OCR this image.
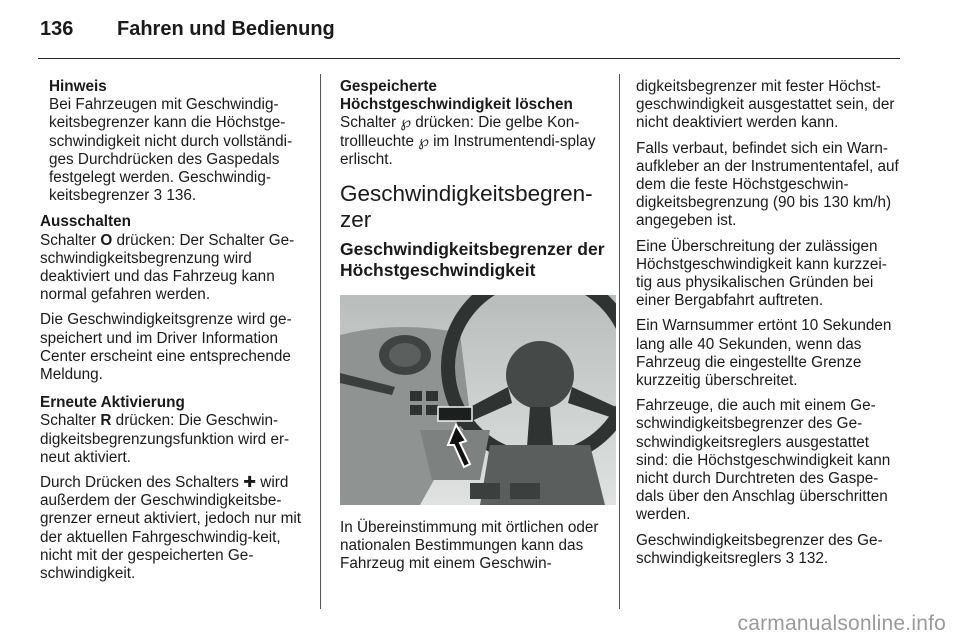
136 Fahren und Bedienung
Hinweis

Bei Fahrzeugen mit Geschwindig-keitsbegrenzer kann die Höchstge-schwindigkeit nicht durch vollständi-ges Durchdrücken des Gaspedals festgelegt werden. Geschwindig-keitsbegrenzer 3 136.

Ausschalten

Schalter O drücken: Der Schalter Ge-schwindigkeitsbegrenzung wird deaktiviert und das Fahrzeug kann normal gefahren werden.

Die Geschwindigkeitsgrenze wird ge-speichert und im Driver Information Center erscheint eine entsprechende Meldung.

Erneute Aktivierung

Schalter R drücken: Die Geschwin-digkeitsbegrenzungsfunktion wird er-neut aktiviert.

Durch Drücken des Schalters ✚ wird außerdem der Geschwindigkeitsbe-grenzer erneut aktiviert, jedoch nur mit der aktuellen Fahrgeschwindig-keit, nicht mit der gespeicherten Ge-schwindigkeit.

Gespeicherte Höchstgeschwindigkeit löschen

Schalter ℘ drücken: Die gelbe Kon-trollleuchte ℘ im Instrumentendi-splay erlischt.

Geschwindigkeitsbegren-zer
Geschwindigkeitsbegrenzer der Höchstgeschwindigkeit

In Übereinstimmung mit örtlichen oder nationalen Bestimmungen kann das Fahrzeug mit einem Geschwin-

digkeitsbegrenzer mit fester Höchst-geschwindigkeit ausgestattet sein, der nicht deaktiviert werden kann.

Falls verbaut, befindet sich ein Warn-aufkleber an der Instrumententafel, auf dem die feste Höchstgeschwin-digkeitsbegrenzung (90 bis 130 km/h) angegeben ist.

Eine Überschreitung der zulässigen Höchstgeschwindigkeit kann kurzzei-tig aus physikalischen Gründen bei einer Bergabfahrt auftreten.

Ein Warnsummer ertönt 10 Sekunden lang alle 40 Sekunden, wenn das Fahrzeug die eingestellte Grenze kurzzeitig überschreitet.

Fahrzeuge, die auch mit einem Ge-schwindigkeitsbegrenzer des Ge-schwindigkeitsreglers ausgestattet sind: die Höchstgeschwindigkeit kann nicht durch Durchtreten des Gaspe-dals über den Anschlag überschritten werden.

Geschwindigkeitsbegrenzer des Ge-schwindigkeitsreglers 3 132.

carmanualsonline.info
